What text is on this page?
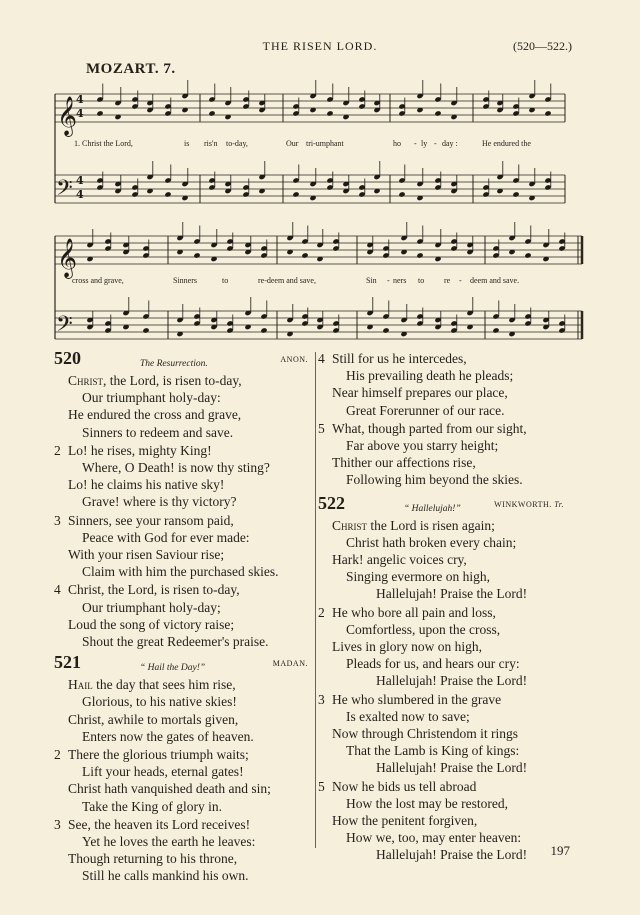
THE RISEN LORD.	(520—522.)
MOZART. 7.
𝄞
𝄢
4
4
4
4
𝄞
𝄢
1. Christ the Lord,	is ris'n to-day,	Our tri-umphant	ho - ly - day :	He endured the
cross and grave,	Sinners	to	re-deem and save,	Sin - ners to re - deem and save.
520	The Resurrection.	ANON.
Christ, the Lord, is risen to-day,
Our triumphant holy-day:
He endured the cross and grave,
Sinners to redeem and save.
2 Lo! he rises, mighty King!
Where, O Death! is now thy sting?
Lo! he claims his native sky!
Grave! where is thy victory?
3 Sinners, see your ransom paid,
Peace with God for ever made:
With your risen Saviour rise;
Claim with him the purchased skies.
4 Christ, the Lord, is risen to-day,
Our triumphant holy-day;
Loud the song of victory raise;
Shout the great Redeemer's praise.
521	“ Hail the Day!”	MADAN.
Hail the day that sees him rise,
Glorious, to his native skies!
Christ, awhile to mortals given,
Enters now the gates of heaven.
2 There the glorious triumph waits;
Lift your heads, eternal gates!
Christ hath vanquished death and sin;
Take the King of glory in.
3 See, the heaven its Lord receives!
Yet he loves the earth he leaves:
Though returning to his throne,
Still he calls mankind his own.
4 Still for us he intercedes,
His prevailing death he pleads;
Near himself prepares our place,
Great Forerunner of our race.
5 What, though parted from our sight,
Far above you starry height;
Thither our affections rise,
Following him beyond the skies.
522	“ Hallelujah!”	WINKWORTH. Tr.
Christ the Lord is risen again;
Christ hath broken every chain;
Hark! angelic voices cry,
Singing evermore on high,
Hallelujah! Praise the Lord!
2 He who bore all pain and loss,
Comfortless, upon the cross,
Lives in glory now on high,
Pleads for us, and hears our cry:
Hallelujah! Praise the Lord!
3 He who slumbered in the grave
Is exalted now to save;
Now through Christendom it rings
That the Lamb is King of kings:
Hallelujah! Praise the Lord!
5 Now he bids us tell abroad
How the lost may be restored,
How the penitent forgiven,
How we, too, may enter heaven:
Hallelujah! Praise the Lord!	197
